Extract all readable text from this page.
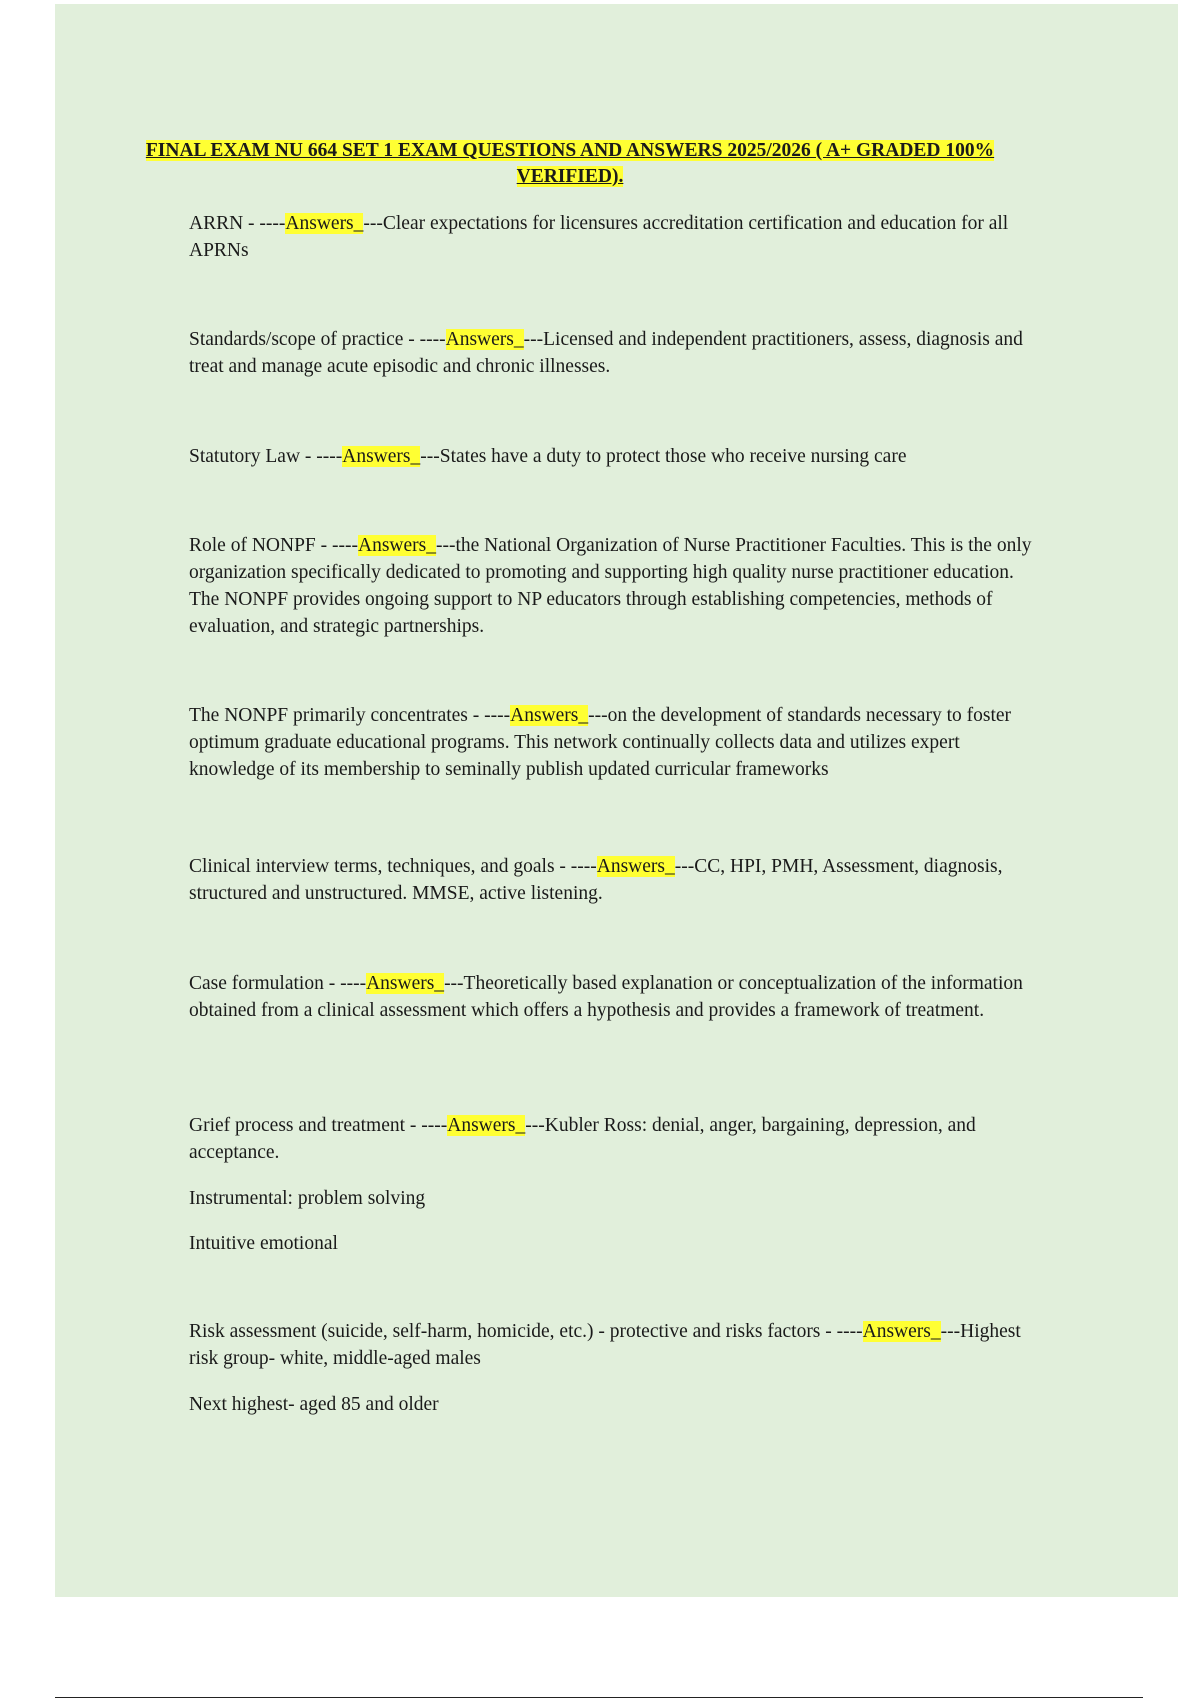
FINAL EXAM NU 664 SET 1 EXAM QUESTIONS AND ANSWERS 2025/2026 ( A+ GRADED 100% VERIFIED).
ARRN - ----Answers_---Clear expectations for licensures accreditation certification and education for all APRNs
Standards/scope of practice - ----Answers_---Licensed and independent practitioners, assess, diagnosis and treat and manage acute episodic and chronic illnesses.
Statutory Law - ----Answers_---States have a duty to protect those who receive nursing care
Role of NONPF - ----Answers_---the National Organization of Nurse Practitioner Faculties. This is the only organization specifically dedicated to promoting and supporting high quality nurse practitioner education. The NONPF provides ongoing support to NP educators through establishing competencies, methods of evaluation, and strategic partnerships.
The NONPF primarily concentrates - ----Answers_---on the development of standards necessary to foster optimum graduate educational programs. This network continually collects data and utilizes expert knowledge of its membership to seminally publish updated curricular frameworks
Clinical interview terms, techniques, and goals - ----Answers_---CC, HPI, PMH, Assessment, diagnosis, structured and unstructured. MMSE, active listening.
Case formulation - ----Answers_---Theoretically based explanation or conceptualization of the information obtained from a clinical assessment which offers a hypothesis and provides a framework of treatment.
Grief process and treatment - ----Answers_---Kubler Ross: denial, anger, bargaining, depression, and acceptance.
Instrumental: problem solving
Intuitive emotional
Risk assessment (suicide, self-harm, homicide, etc.) - protective and risks factors - ----Answers_---Highest risk group- white, middle-aged males
Next highest- aged 85 and older
